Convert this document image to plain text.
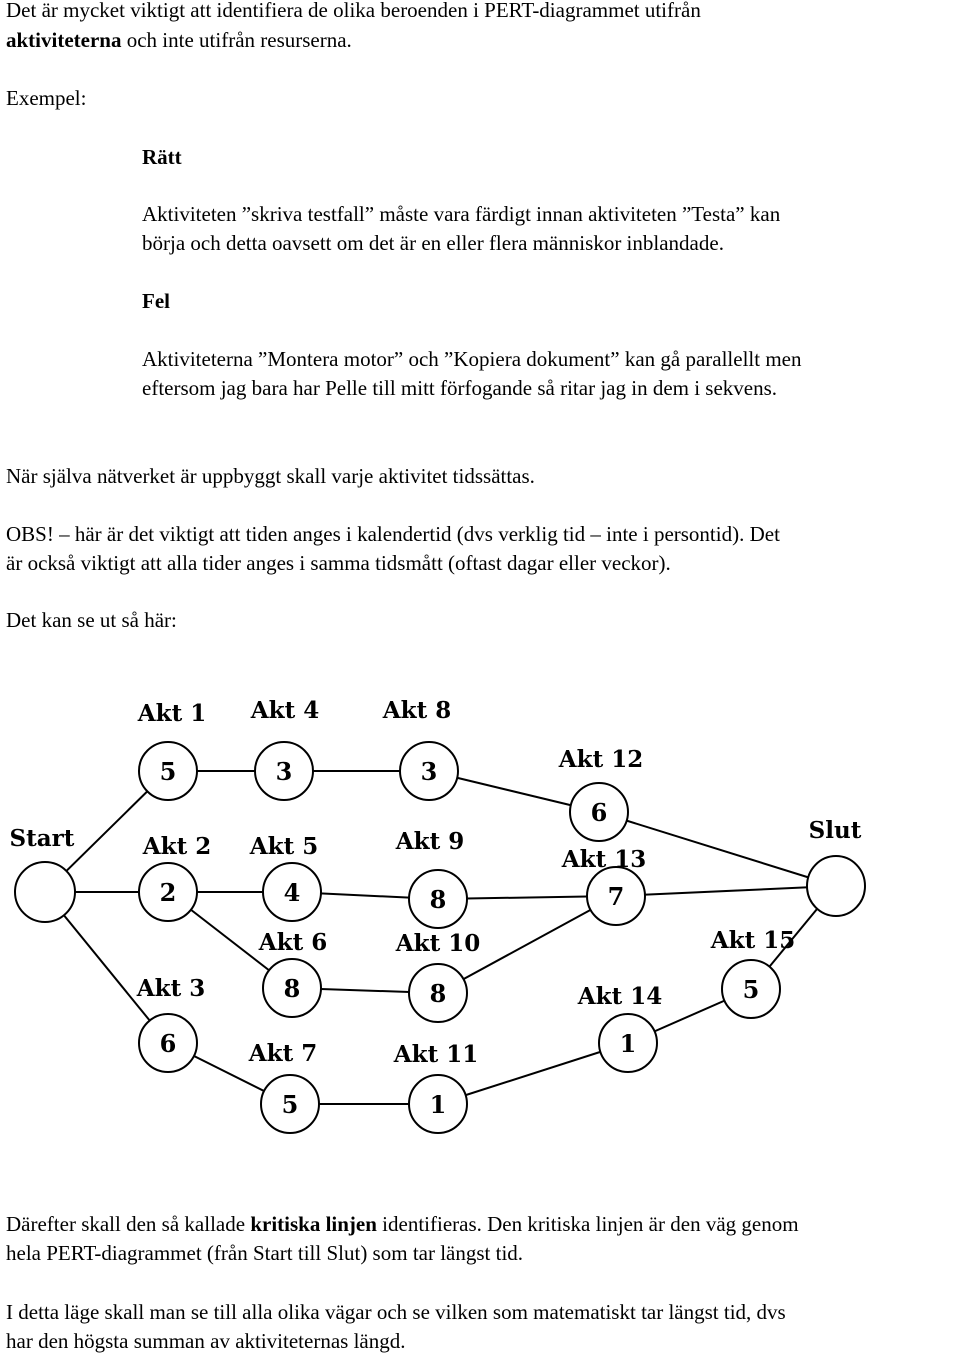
Det är mycket viktigt att identifiera de olika beroenden i PERT-diagrammet utifrån

aktiviteterna och inte utifrån resurserna.

Exempel:

Rätt

Aktiviteten ”skriva testfall” måste vara färdigt innan aktiviteten ”Testa” kan

börja och detta oavsett om det är en eller flera människor inblandade.

Fel

Aktiviteterna ”Montera motor” och ”Kopiera dokument” kan gå parallellt men

eftersom jag bara har Pelle till mitt förfogande så ritar jag in dem i sekvens.

När själva nätverket är uppbyggt skall varje aktivitet tidssättas.

OBS! – här är det viktigt att tiden anges i kalendertid (dvs verklig tid – inte i persontid). Det

är också viktigt att alla tider anges i samma tidsmått (oftast dagar eller veckor).

Det kan se ut så här:

Start	Slut
Akt 1
5
Akt 4
3
Akt 8
3	Akt 12
6
Akt 2
2
Akt 5
4
Akt 9
8
Akt 13
7
Akt 6
8
Akt 10
8
Akt 15
5
Akt 3
6
Akt 14
1
Akt 7
5
Akt 11
1

Därefter skall den så kallade kritiska linjen identifieras. Den kritiska linjen är den väg genom

hela PERT-diagrammet (från Start till Slut) som tar längst tid.

I detta läge skall man se till alla olika vägar och se vilken som matematiskt tar längst tid, dvs

har den högsta summan av aktiviteternas längd.
